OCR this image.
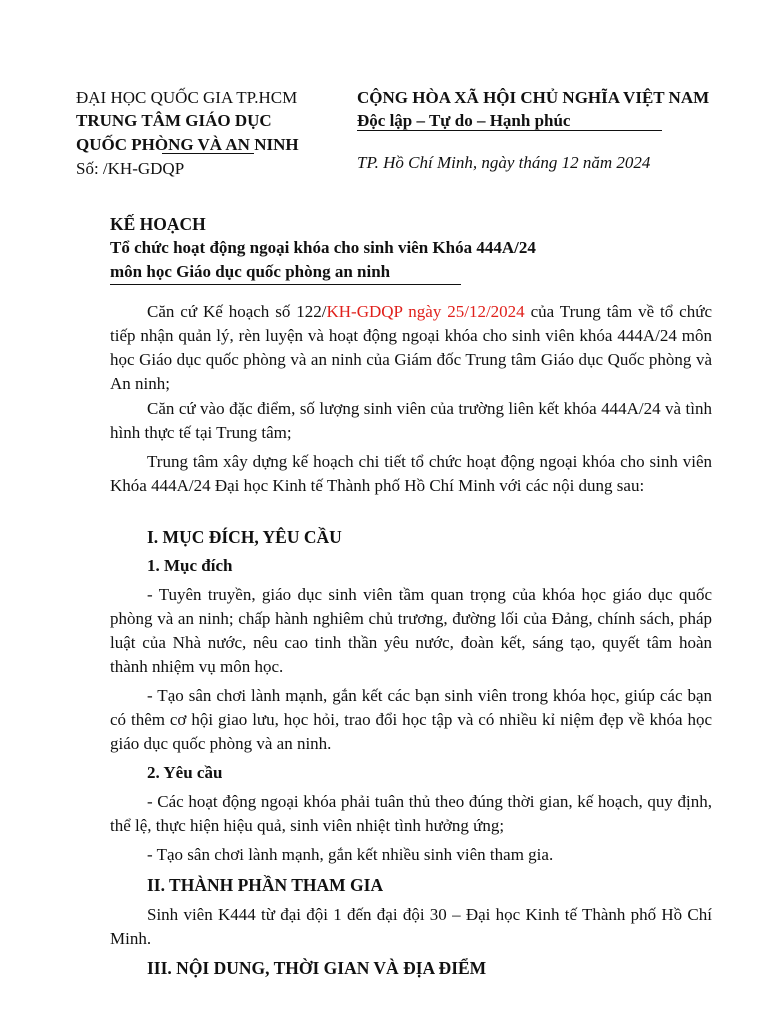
ĐẠI HỌC QUỐC GIA TP.HCM
TRUNG TÂM GIÁO DỤC
QUỐC PHÒNG VÀ AN NINH
Số: /KH-GDQP
CỘNG HÒA XÃ HỘI CHỦ NGHĨA VIỆT NAM
Độc lập – Tự do – Hạnh phúc
TP. Hồ Chí Minh, ngày tháng 12 năm 2024
KẾ HOẠCH
Tổ chức hoạt động ngoại khóa cho sinh viên Khóa 444A/24
môn học Giáo dục quốc phòng an ninh
Căn cứ Kế hoạch số 122/KH-GDQP ngày 25/12/2024 của Trung tâm về tổ chức tiếp nhận quản lý, rèn luyện và hoạt động ngoại khóa cho sinh viên khóa 444A/24 môn học Giáo dục quốc phòng và an ninh của Giám đốc Trung tâm Giáo dục Quốc phòng và An ninh;
Căn cứ vào đặc điểm, số lượng sinh viên của trường liên kết khóa 444A/24 và tình hình thực tế tại Trung tâm;
Trung tâm xây dựng kế hoạch chi tiết tổ chức hoạt động ngoại khóa cho sinh viên Khóa 444A/24 Đại học Kinh tế Thành phố Hồ Chí Minh với các nội dung sau:
I. MỤC ĐÍCH, YÊU CẦU
1. Mục đích
- Tuyên truyền, giáo dục sinh viên tầm quan trọng của khóa học giáo dục quốc phòng và an ninh; chấp hành nghiêm chủ trương, đường lối của Đảng, chính sách, pháp luật của Nhà nước, nêu cao tinh thần yêu nước, đoàn kết, sáng tạo, quyết tâm hoàn thành nhiệm vụ môn học.
- Tạo sân chơi lành mạnh, gắn kết các bạn sinh viên trong khóa học, giúp các bạn có thêm cơ hội giao lưu, học hỏi, trao đổi học tập và có nhiều kỉ niệm đẹp về khóa học giáo dục quốc phòng và an ninh.
2. Yêu cầu
- Các hoạt động ngoại khóa phải tuân thủ theo đúng thời gian, kế hoạch, quy định, thể lệ, thực hiện hiệu quả, sinh viên nhiệt tình hưởng ứng;
- Tạo sân chơi lành mạnh, gắn kết nhiều sinh viên tham gia.
II. THÀNH PHẦN THAM GIA
Sinh viên K444 từ đại đội 1 đến đại đội 30 – Đại học Kinh tế Thành phố Hồ Chí Minh.
III. NỘI DUNG, THỜI GIAN VÀ ĐỊA ĐIỂM
